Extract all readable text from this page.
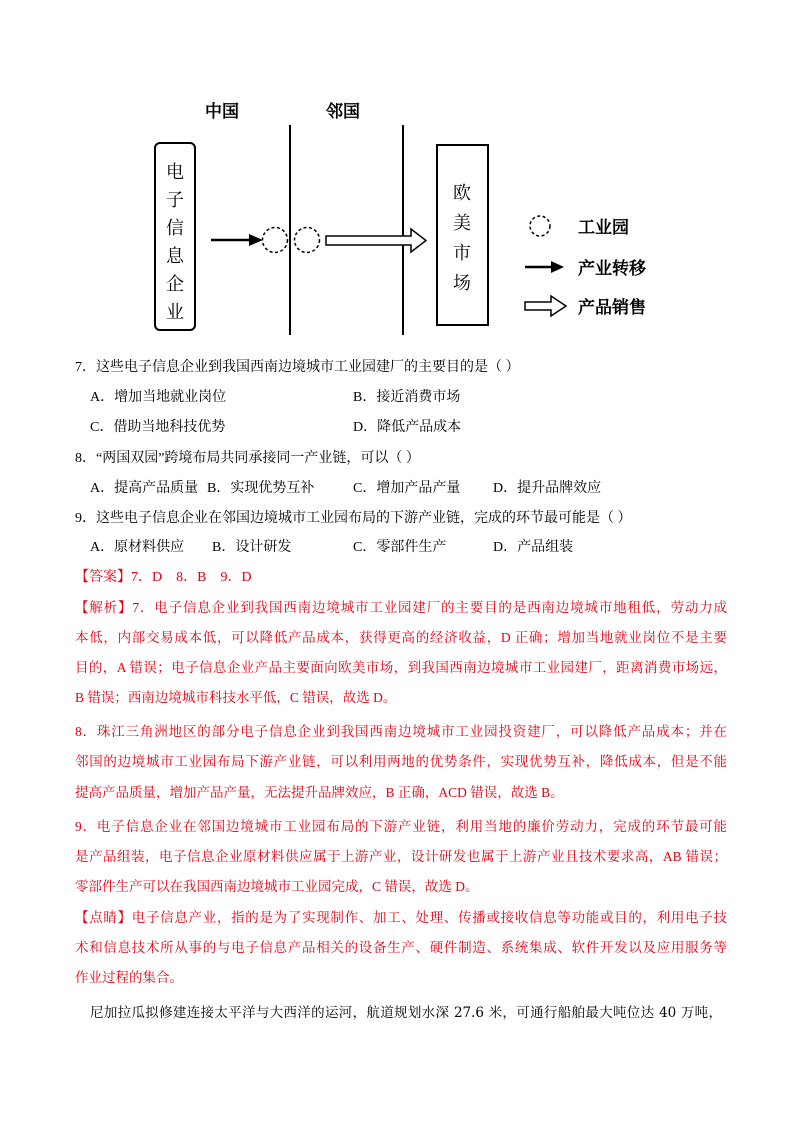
中国	邻国
工业园
产业转移
产品销售
电子信息企业
欧美市场
7．这些电子信息企业到我国西南边境城市工业园建厂的主要目的是（ ）
A．增加当地就业岗位	B．接近消费市场
C．借助当地科技优势	D．降低产品成本
8．“两国双园”跨境布局共同承接同一产业链，可以（ ）
A．提高产品质量 B．实现优势互补	C．增加产品产量 D．提升品牌效应
9．这些电子信息企业在邻国边境城市工业园布局的下游产业链，完成的环节最可能是（ ）
A．原材料供应 B．设计研发	C．零部件生产	D．产品组装
【答案】7．D    8．B    9．D
【解析】7．电子信息企业到我国西南边境城市工业园建厂的主要目的是西南边境城市地租低，劳动力成
本低，内部交易成本低，可以降低产品成本，获得更高的经济收益，D 正确；增加当地就业岗位不是主要
目的，A 错误；电子信息企业产品主要面向欧美市场，到我国西南边境城市工业园建厂，距离消费市场远，
B 错误；西南边境城市科技水平低，C 错误，故选 D。
8．珠江三角洲地区的部分电子信息企业到我国西南边境城市工业园投资建厂，可以降低产品成本；并在
邻国的边境城市工业园布局下游产业链，可以利用两地的优势条件，实现优势互补，降低成本，但是不能
提高产品质量，增加产品产量，无法提升品牌效应，B 正确，ACD 错误，故选 B。
9．电子信息企业在邻国边境城市工业园布局的下游产业链，利用当地的廉价劳动力，完成的环节最可能
是产品组装，电子信息企业原材料供应属于上游产业，设计研发也属于上游产业且技术要求高，AB 错误；
零部件生产可以在我国西南边境城市工业园完成，C 错误，故选 D。
【点睛】电子信息产业，指的是为了实现制作、加工、处理、传播或接收信息等功能或目的，利用电子技
术和信息技术所从事的与电子信息产品相关的设备生产、硬件制造、系统集成、软件开发以及应用服务等
作业过程的集合。
尼加拉瓜拟修建连接太平洋与大西洋的运河，航道规划水深 27.6 米，可通行船舶最大吨位达 40 万吨，
